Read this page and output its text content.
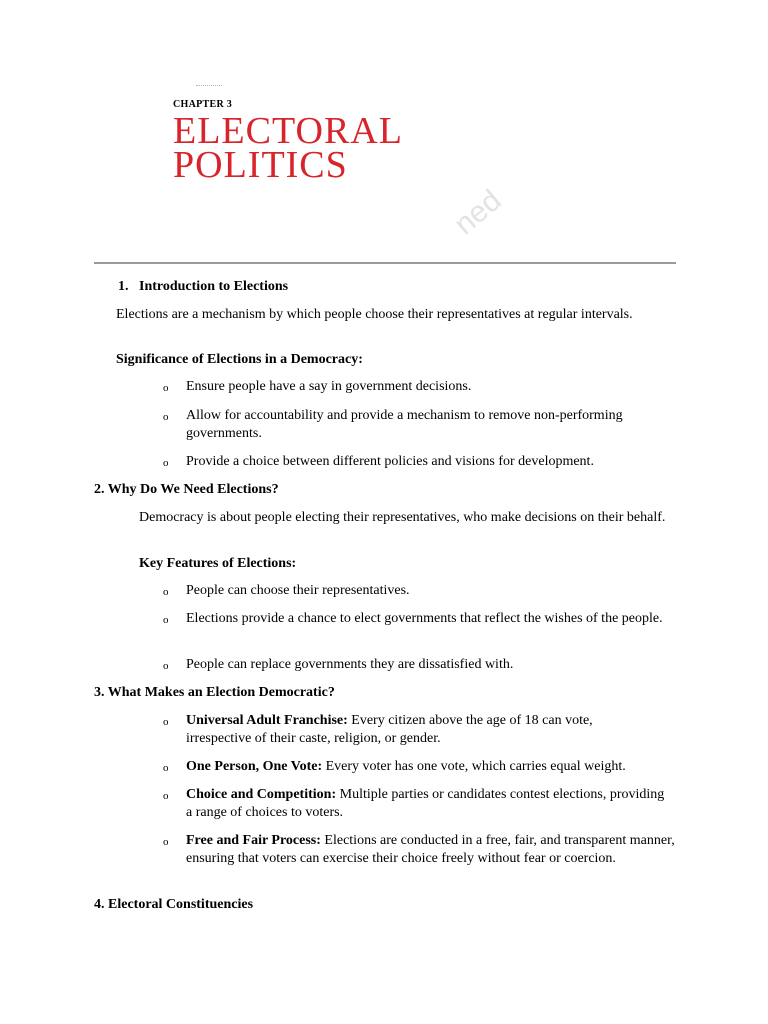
CHAPTER 3
ELECTORAL
POLITICS
ned
1. Introduction to Elections
Elections are a mechanism by which people choose their representatives at regular intervals.
Significance of Elections in a Democracy:
o Ensure people have a say in government decisions.
o Allow for accountability and provide a mechanism to remove non-performing governments.
o Provide a choice between different policies and visions for development.
2. Why Do We Need Elections?
Democracy is about people electing their representatives, who make decisions on their behalf.
Key Features of Elections:
o People can choose their representatives.
o Elections provide a chance to elect governments that reflect the wishes of the people.
o People can replace governments they are dissatisfied with.
3. What Makes an Election Democratic?
o Universal Adult Franchise: Every citizen above the age of 18 can vote, irrespective of their caste, religion, or gender.
o One Person, One Vote: Every voter has one vote, which carries equal weight.
o Choice and Competition: Multiple parties or candidates contest elections, providing a range of choices to voters.
o Free and Fair Process: Elections are conducted in a free, fair, and transparent manner, ensuring that voters can exercise their choice freely without fear or coercion.
4. Electoral Constituencies
